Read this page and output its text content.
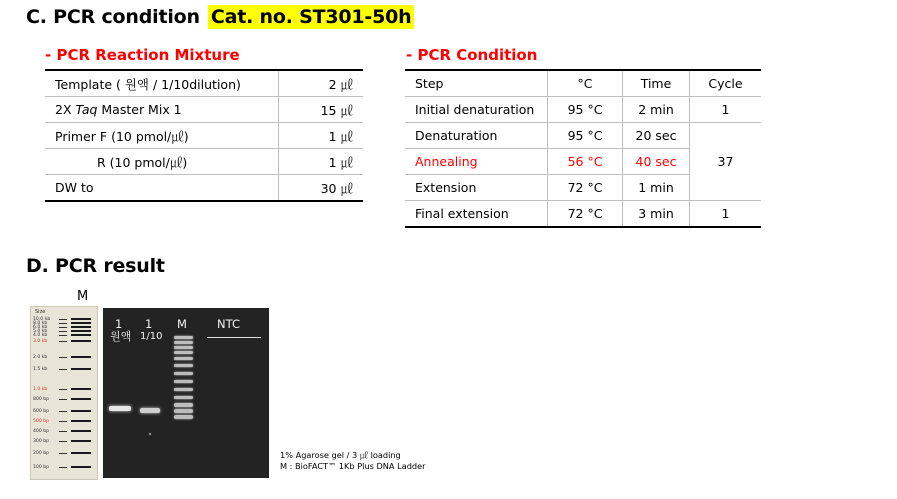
C. PCR condition Cat. no. ST301-50h
- PCR Reaction Mixture
Template ( 원액 / 1/10dilution)	2 ㎕
2X Taq Master Mix 1	15 ㎕
Primer F (10 pmol/㎕)	1 ㎕
R (10 pmol/㎕)	1 ㎕
DW to	30 ㎕
- PCR Condition
Step	°C	Time	Cycle
Initial denaturation	95 °C	2 min	1
Denaturation	95 °C	20 sec	37
Annealing	56 °C	40 sec	
Extension	72 °C	1 min	
Final extension	72 °C	3 min	1
D. PCR result
M
Size
10.0 kb
8.0 kb
6.0 kb
5.0 kb
4.0 kb
3.0 kb
2.0 kb
1.5 kb
1.0 kb
800 bp
600 bp
500 bp
400 bp
300 bp
200 bp
100 bp
1
원액
1
1/10
M	NTC
1% Agarose gel / 3 ㎕ loading
M : BioFACT™ 1Kb Plus DNA Ladder
